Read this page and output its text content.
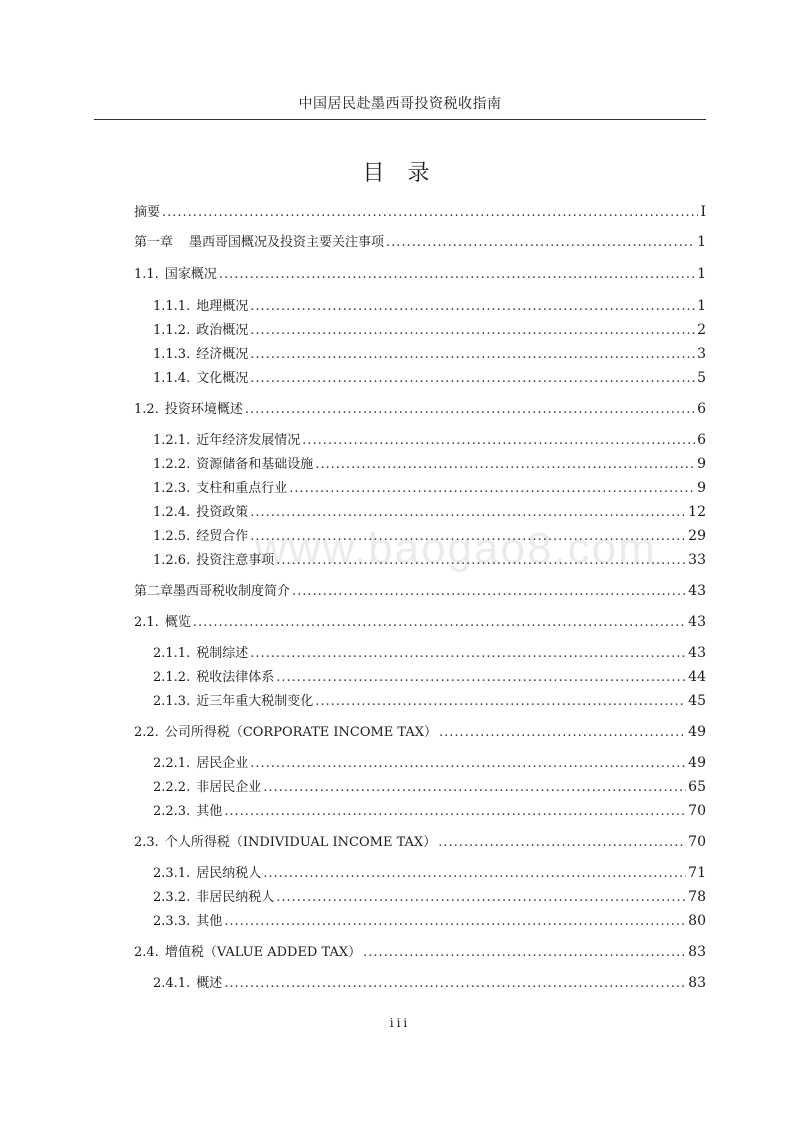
中国居民赴墨西哥投资税收指南
目 录
摘要 .....	I
第一章 墨西哥国概况及投资主要关注事项 .....	1
1.1. 国家概况 .....	1
1.1.1. 地理概况 .....	1
1.1.2. 政治概况 .....	2
1.1.3. 经济概况 .....	3
1.1.4. 文化概况 .....	5
1.2. 投资环境概述 .....	6
1.2.1. 近年经济发展情况 .....	6
1.2.2. 资源储备和基础设施 .....	9
1.2.3. 支柱和重点行业 .....	9
1.2.4. 投资政策 .....	12
1.2.5. 经贸合作 .....	29
1.2.6. 投资注意事项 .....	33
第二章墨西哥税收制度简介 .....	43
2.1. 概览 .....	43
2.1.1. 税制综述 .....	43
2.1.2. 税收法律体系 .....	44
2.1.3. 近三年重大税制变化 .....	45
2.2. 公司所得税（CORPORATE INCOME TAX） .....	49
2.2.1. 居民企业 .....	49
2.2.2. 非居民企业 .....	65
2.2.3. 其他 .....	70
2.3. 个人所得税（INDIVIDUAL INCOME TAX） .....	70
2.3.1. 居民纳税人 .....	71
2.3.2. 非居民纳税人 .....	78
2.3.3. 其他 .....	80
2.4. 增值税（VALUE ADDED TAX） .....	83
2.4.1. 概述 .....	83
www.baogao8.com
iii
